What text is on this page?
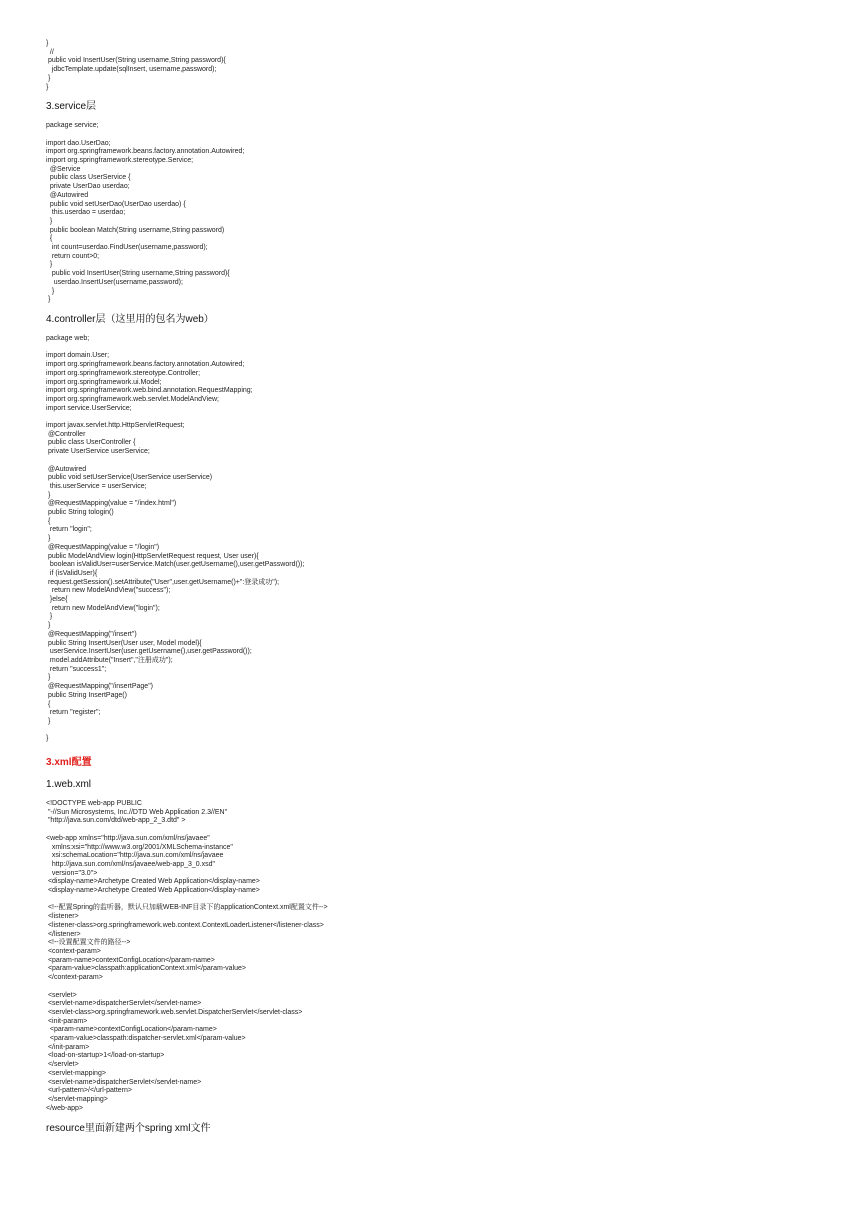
}
//
public void InsertUser(String username,String password){
jdbcTemplate.update(sqlInsert, username,password);
}
}
3.service层
package service;

import dao.UserDao;
import org.springframework.beans.factory.annotation.Autowired;
import org.springframework.stereotype.Service;
@Service
public class UserService {
private UserDao userdao;
@Autowired
public void setUserDao(UserDao userdao) {
this.userdao = userdao;
}
public boolean Match(String username,String password)
{
int count=userdao.FindUser(username,password);
return count>0;
}
public void InsertUser(String username,String password){
userdao.InsertUser(username,password);
}
}
4.controller层（这里用的包名为web）
package web;

import domain.User;
import org.springframework.beans.factory.annotation.Autowired;
import org.springframework.stereotype.Controller;
import org.springframework.ui.Model;
import org.springframework.web.bind.annotation.RequestMapping;
import org.springframework.web.servlet.ModelAndView;
import service.UserService;

import javax.servlet.http.HttpServletRequest;
@Controller
public class UserController {
private UserService userService;

@Autowired
public void setUserService(UserService userService)
this.userService = userService;
}
@RequestMapping(value = "/index.html")
public String tologin()
{
return "login";
}
@RequestMapping(value = "/login")
public ModelAndView login(HttpServletRequest request, User user){
boolean isValidUser=userService.Match(user.getUsername(),user.getPassword());
if (isValidUser){
request.getSession().setAttribute("User",user.getUsername()+":登录成功");
return new ModelAndView("success");
}else{
return new ModelAndView("login");
}
}
@RequestMapping("/insert")
public String InsertUser(User user, Model model){
userService.InsertUser(user.getUsername(),user.getPassword());
model.addAttribute("Insert","注册成功");
return "success1";
}
@RequestMapping("/insertPage")
public String InsertPage()
{
return "register";
}

}
3.xml配置
1.web.xml
<!DOCTYPE web-app PUBLIC
"-//Sun Microsystems, Inc.//DTD Web Application 2.3//EN"
"http://java.sun.com/dtd/web-app_2_3.dtd" >

<web-app xmlns="http://java.sun.com/xml/ns/javaee"
xmlns:xsi="http://www.w3.org/2001/XMLSchema-instance"
xsi:schemaLocation="http://java.sun.com/xml/ns/javaee
http://java.sun.com/xml/ns/javaee/web-app_3_0.xsd"
version="3.0">
<display-name>Archetype Created Web Application</display-name>
<display-name>Archetype Created Web Application</display-name>

<!--配置Spring的监听器，默认只加载WEB-INF目录下的applicationContext.xml配置文件-->
<listener>
<listener-class>org.springframework.web.context.ContextLoaderListener</listener-class>
</listener>
<!--设置配置文件的路径-->
<context-param>
<param-name>contextConfigLocation</param-name>
<param-value>classpath:applicationContext.xml</param-value>
</context-param>

<servlet>
<servlet-name>dispatcherServlet</servlet-name>
<servlet-class>org.springframework.web.servlet.DispatcherServlet</servlet-class>
<init-param>
<param-name>contextConfigLocation</param-name>
<param-value>classpath:dispatcher-servlet.xml</param-value>
</init-param>
<load-on-startup>1</load-on-startup>
</servlet>
<servlet-mapping>
<servlet-name>dispatcherServlet</servlet-name>
<url-pattern>/</url-pattern>
</servlet-mapping>
</web-app>
resource里面新建两个spring xml文件
